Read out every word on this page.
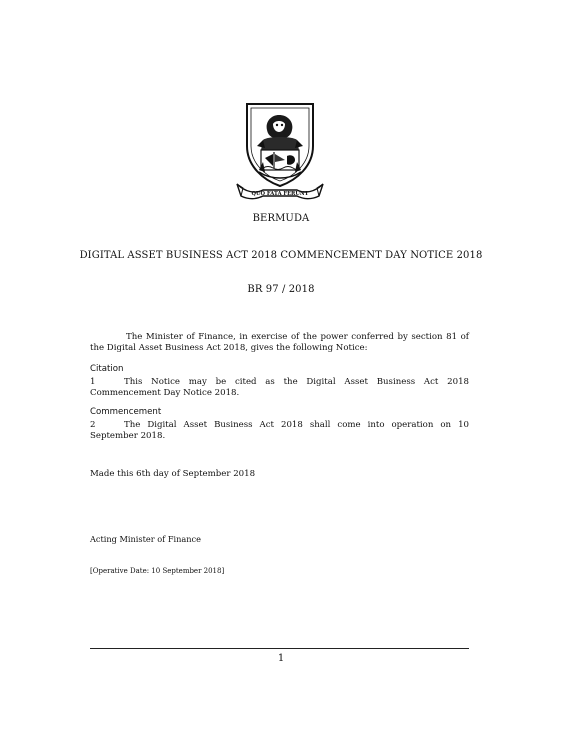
QUO FATA FERUNT
BERMUDA
DIGITAL ASSET BUSINESS ACT 2018 COMMENCEMENT DAY NOTICE 2018
BR 97 / 2018
The Minister of Finance, in exercise of the power conferred by section 81 of the Digital Asset Business Act 2018, gives the following Notice:
Citation
1	This Notice may be cited as the Digital Asset Business Act 2018 Commencement Day Notice 2018.
Commencement
2	The Digital Asset Business Act 2018 shall come into operation on 10 September 2018.
Made this 6th day of September 2018
Acting Minister of Finance
[Operative Date: 10 September 2018]
1
